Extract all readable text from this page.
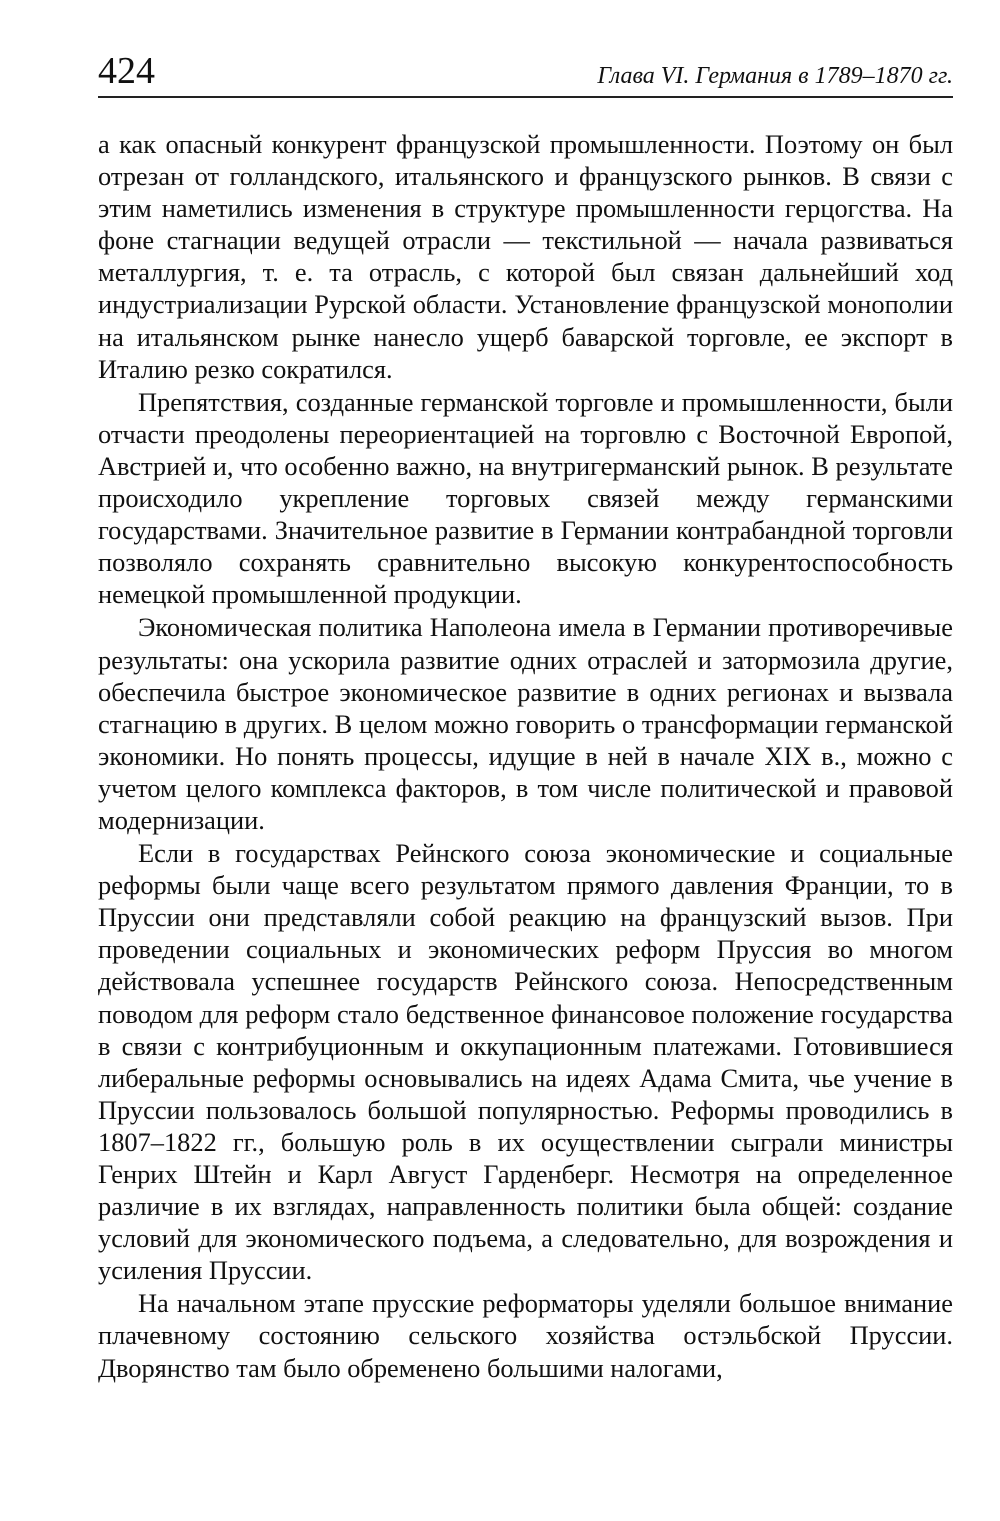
424	Глава VI. Германия в 1789–1870 гг.

а как опасный конкурент французской промышленности. Поэтому он был отрезан от голландского, итальянского и французского рынков. В связи с этим наметились изменения в структуре промышленности герцогства. На фоне стагнации ведущей отрасли — текстильной — начала развиваться металлургия, т. е. та отрасль, с которой был связан дальнейший ход индустриализации Рурской области. Установление французской монополии на итальянском рынке нанесло ущерб баварской торговле, ее экспорт в Италию резко сократился.

Препятствия, созданные германской торговле и промышленности, были отчасти преодолены переориентацией на торговлю с Восточной Европой, Австрией и, что особенно важно, на внутригерманский рынок. В результате происходило укрепление торговых связей между германскими государствами. Значительное развитие в Германии контрабандной торговли позволяло сохранять сравнительно высокую конкурентоспособность немецкой промышленной продукции.

Экономическая политика Наполеона имела в Германии противоречивые результаты: она ускорила развитие одних отраслей и затормозила другие, обеспечила быстрое экономическое развитие в одних регионах и вызвала стагнацию в других. В целом можно говорить о трансформации германской экономики. Но понять процессы, идущие в ней в начале XIX в., можно с учетом целого комплекса факторов, в том числе политической и правовой модернизации.

Если в государствах Рейнского союза экономические и социальные реформы были чаще всего результатом прямого давления Франции, то в Пруссии они представляли собой реакцию на французский вызов. При проведении социальных и экономических реформ Пруссия во многом действовала успешнее государств Рейнского союза. Непосредственным поводом для реформ стало бедственное финансовое положение государства в связи с контрибуционным и оккупационным платежами. Готовившиеся либеральные реформы основывались на идеях Адама Смита, чье учение в Пруссии пользовалось большой популярностью. Реформы проводились в 1807–1822 гг., большую роль в их осуществлении сыграли министры Генрих Штейн и Карл Август Гарденберг. Несмотря на определенное различие в их взглядах, направленность политики была общей: создание условий для экономического подъема, а следовательно, для возрождения и усиления Пруссии.

На начальном этапе прусские реформаторы уделяли большое внимание плачевному состоянию сельского хозяйства остэльбской Пруссии. Дворянство там было обременено большими налогами,
